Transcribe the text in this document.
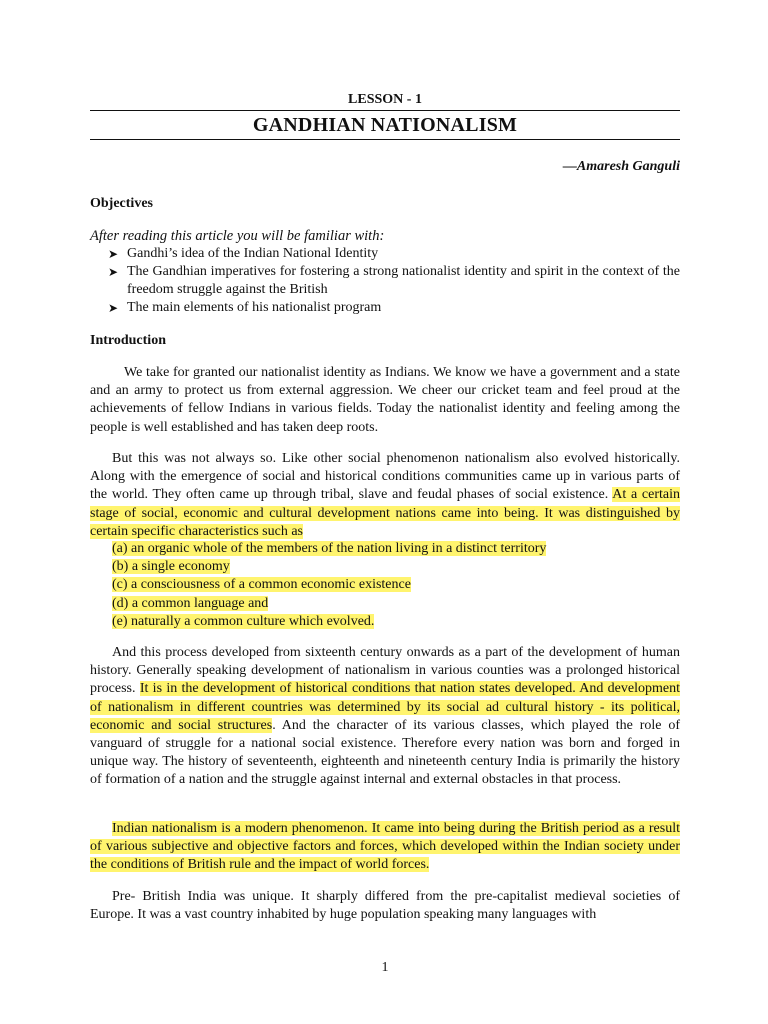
LESSON - 1
GANDHIAN NATIONALISM
—Amaresh Ganguli
Objectives
After reading this article you will be familiar with:
➤ Gandhi’s idea of the Indian National Identity
➤ The Gandhian imperatives for fostering a strong nationalist identity and spirit in the context of the freedom struggle against the British
➤ The main elements of his nationalist program
Introduction

We take for granted our nationalist identity as Indians. We know we have a government and a state and an army to protect us from external aggression. We cheer our cricket team and feel proud at the achievements of fellow Indians in various fields. Today the nationalist identity and feeling among the people is well established and has taken deep roots.

But this was not always so. Like other social phenomenon nationalism also evolved historically. Along with the emergence of social and historical conditions communities came up in various parts of the world. They often came up through tribal, slave and feudal phases of social existence. At a certain stage of social, economic and cultural development nations came into being. It was distinguished by certain specific characteristics such as

(a) an organic whole of the members of the nation living in a distinct territory
(b) a single economy
(c) a consciousness of a common economic existence
(d) a common language and
(e) naturally a common culture which evolved.

And this process developed from sixteenth century onwards as a part of the development of human history. Generally speaking development of nationalism in various counties was a prolonged historical process. It is in the development of historical conditions that nation states developed. And development of nationalism in different countries was determined by its social ad cultural history - its political, economic and social structures. And the character of its various classes, which played the role of vanguard of struggle for a national social existence. Therefore every nation was born and forged in unique way. The history of seventeenth, eighteenth and nineteenth century India is primarily the history of formation of a nation and the struggle against internal and external obstacles in that process.

Indian nationalism is a modern phenomenon. It came into being during the British period as a result of various subjective and objective factors and forces, which developed within the Indian society under the conditions of British rule and the impact of world forces.

Pre- British India was unique. It sharply differed from the pre-capitalist medieval societies of Europe. It was a vast country inhabited by huge population speaking many languages with

1
